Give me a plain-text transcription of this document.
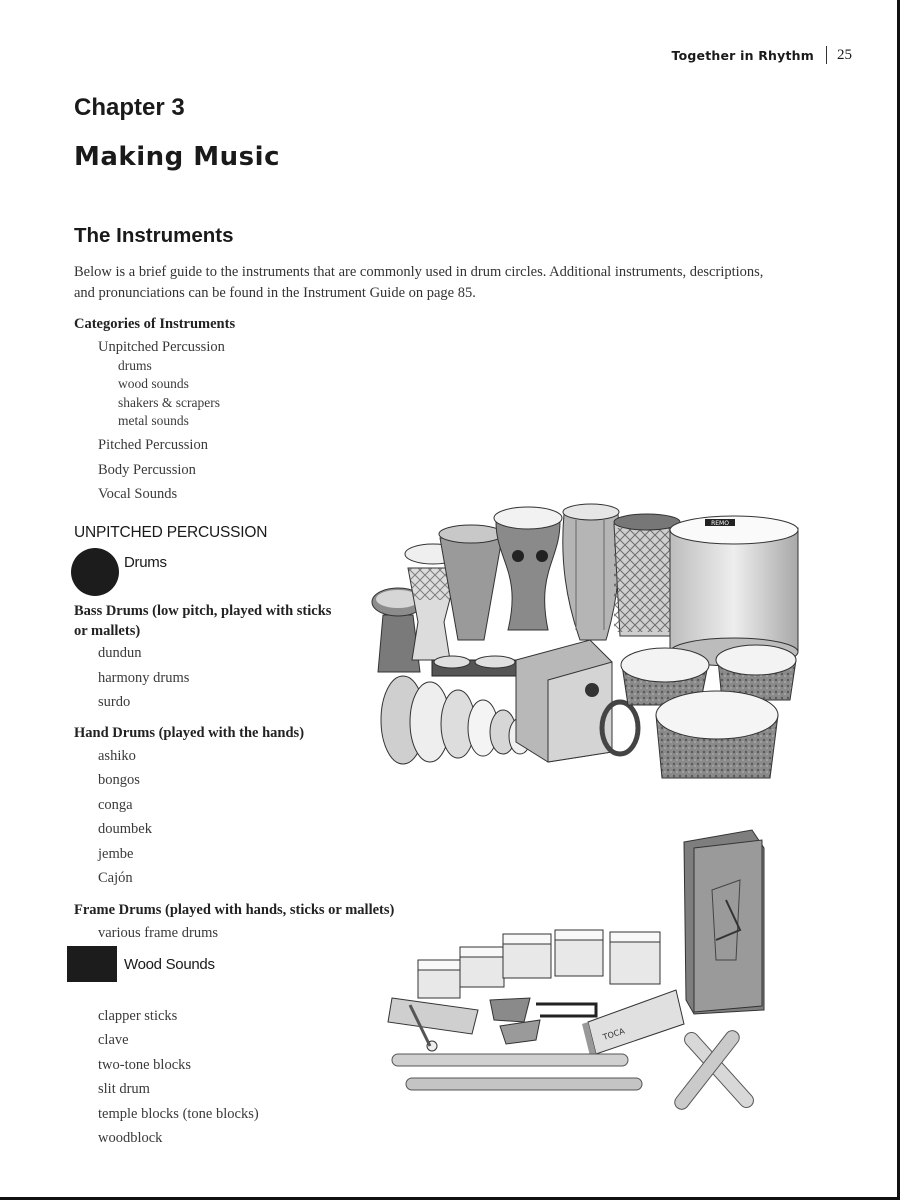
Together in Rhythm 25
Chapter 3
Making Music
The Instruments

Below is a brief guide to the instruments that are commonly used in drum circles. Additional instruments, descriptions, and pronunciations can be found in the Instrument Guide on page 85.

Categories of Instruments

Unpitched Percussion
drums
wood sounds
shakers & scrapers
metal sounds
Pitched Percussion
Body Percussion
Vocal Sounds

UNPITCHED PERCUSSION

Drums

Bass Drums (low pitch, played with sticks or mallets)

dundun
harmony drums
surdo

Hand Drums (played with the hands)

ashiko
bongos
conga
doumbek
jembe
Cajón

Frame Drums (played with hands, sticks or mallets)

various frame drums
Wood Sounds
clapper sticks
clave
two-tone blocks
slit drum
temple blocks (tone blocks)
woodblock
REMO
TOCA
